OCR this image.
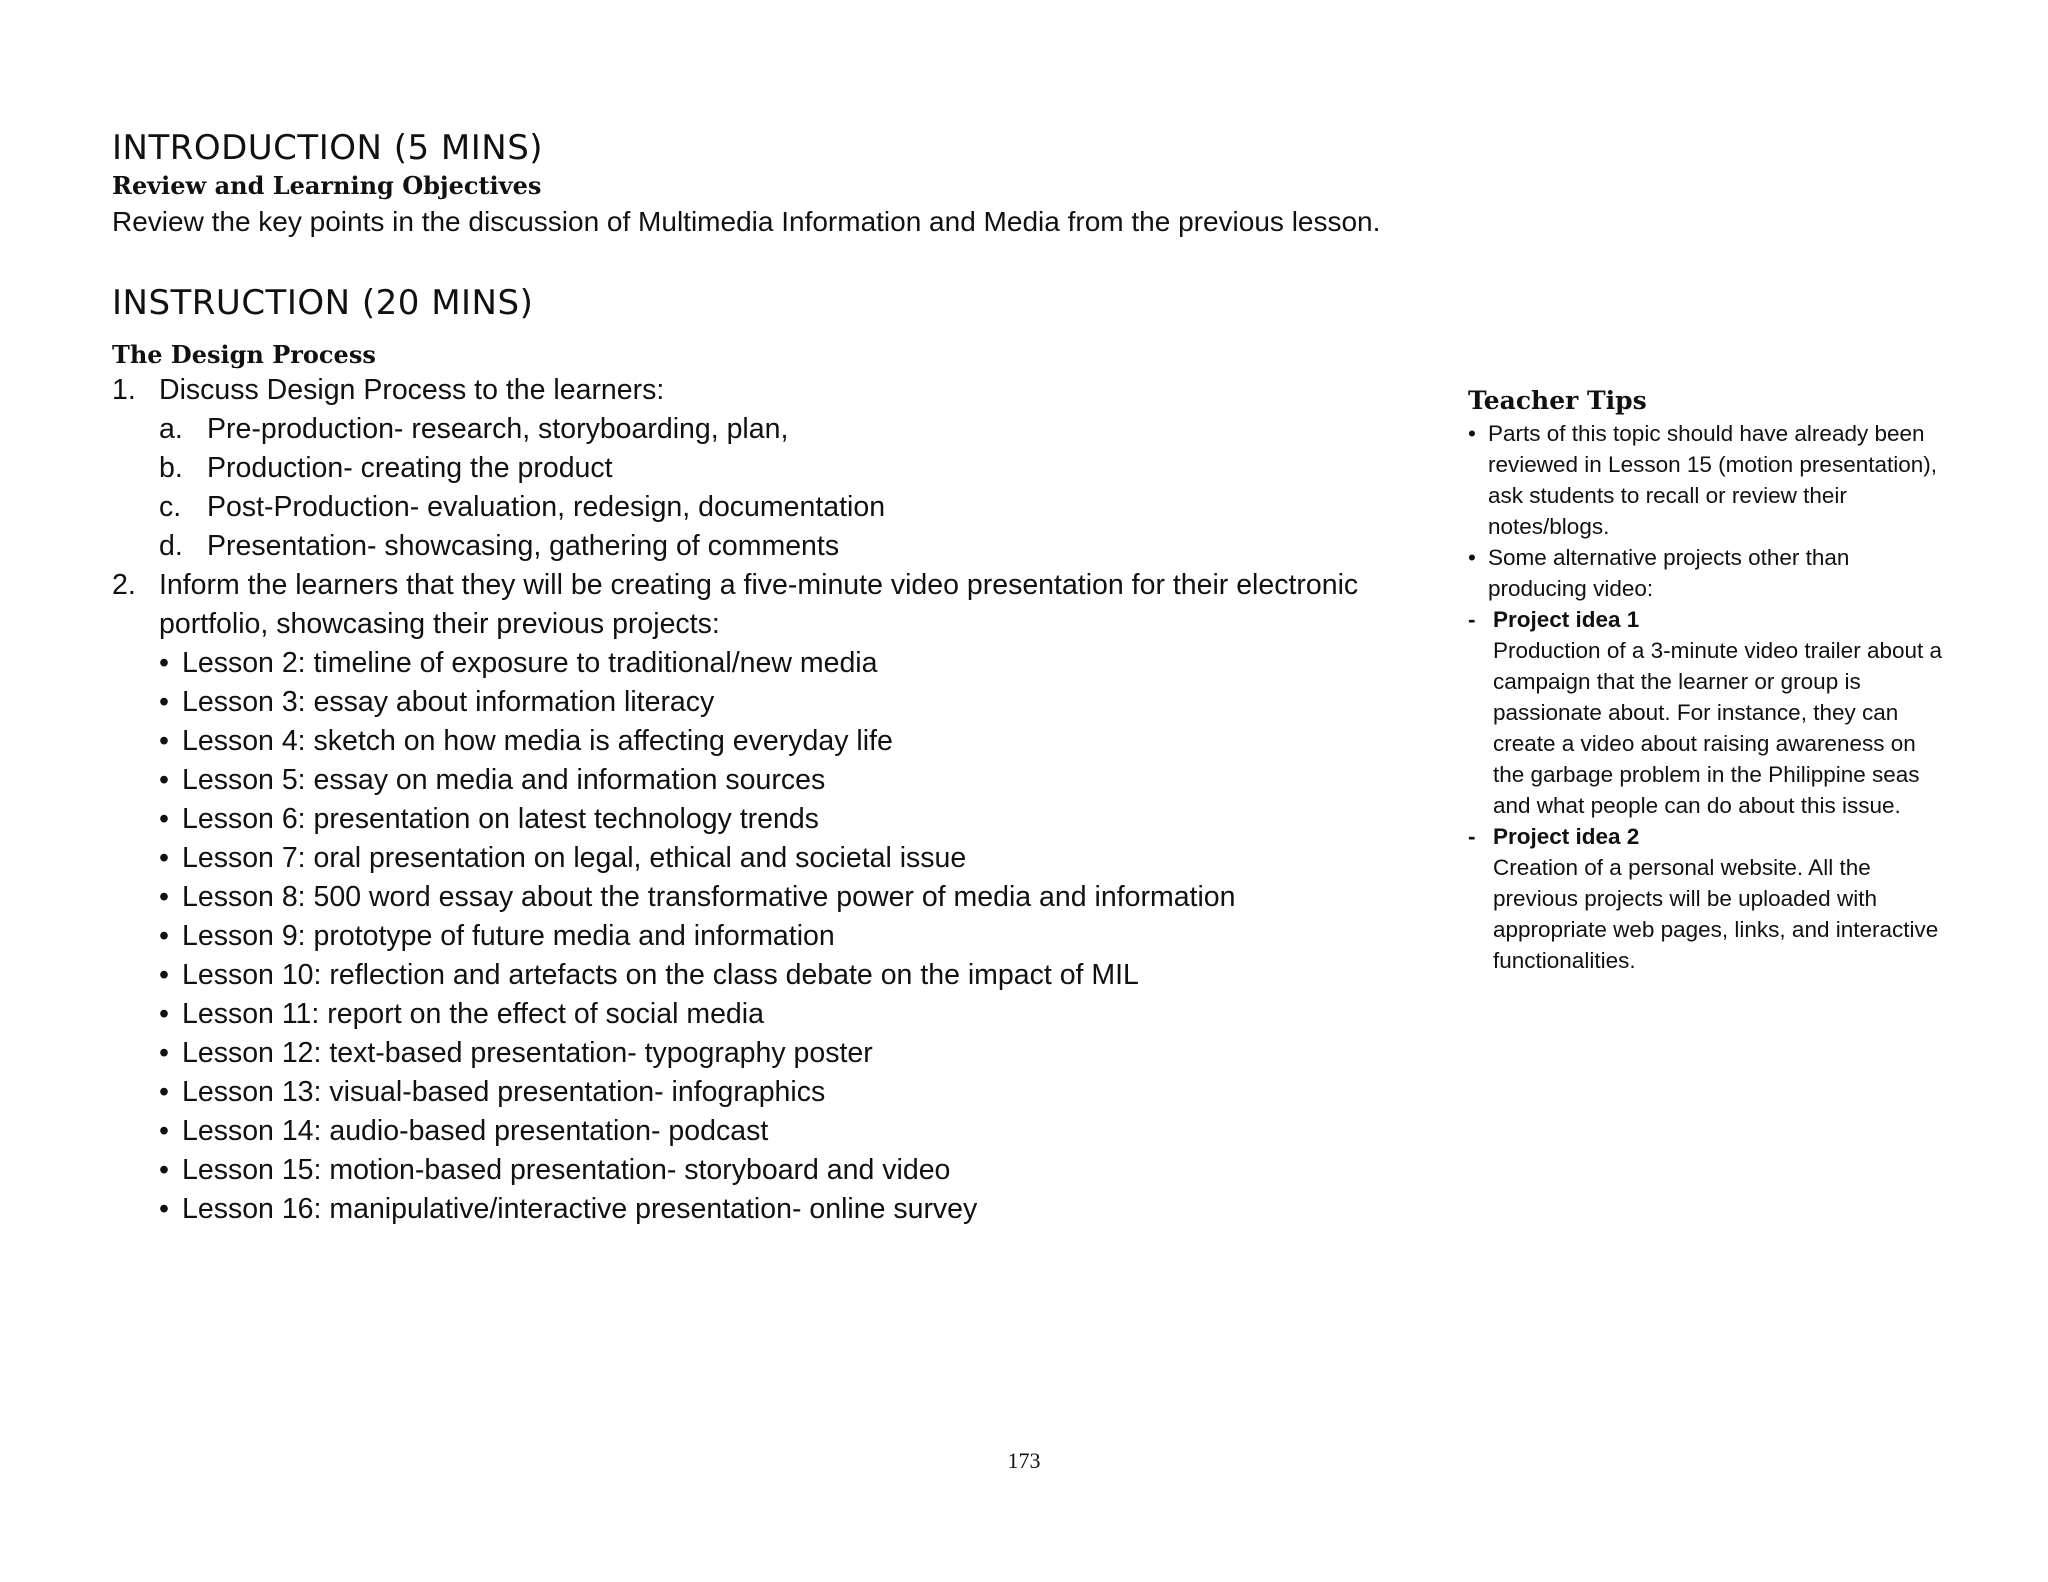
INTRODUCTION (5 MINS)
Review and Learning Objectives
Review the key points in the discussion of Multimedia Information and Media from the previous lesson.
INSTRUCTION (20 MINS)
The Design Process
1. Discuss Design Process to the learners:
a. Pre-production- research, storyboarding, plan,
b. Production- creating the product
c. Post-Production- evaluation, redesign, documentation
d. Presentation- showcasing, gathering of comments
2. Inform the learners that they will be creating a five-minute video presentation for their electronic portfolio, showcasing their previous projects:
• Lesson 2: timeline of exposure to traditional/new media
• Lesson 3: essay about information literacy
• Lesson 4: sketch on how media is affecting everyday life
• Lesson 5: essay on media and information sources
• Lesson 6: presentation on latest technology trends
• Lesson 7: oral presentation on legal, ethical and societal issue
• Lesson 8: 500 word essay about the transformative power of media and information
• Lesson 9: prototype of future media and information
• Lesson 10: reflection and artefacts on the class debate on the impact of MIL
• Lesson 11: report on the effect of social media
• Lesson 12: text-based presentation- typography poster
• Lesson 13: visual-based presentation- infographics
• Lesson 14: audio-based presentation- podcast
• Lesson 15: motion-based presentation- storyboard and video
• Lesson 16: manipulative/interactive presentation- online survey
Teacher Tips
• Parts of this topic should have already been reviewed in Lesson 15 (motion presentation), ask students to recall or review their notes/blogs.
• Some alternative projects other than producing video:
- Project idea 1
Production of a 3-minute video trailer about a campaign that the learner or group is passionate about. For instance, they can create a video about raising awareness on the garbage problem in the Philippine seas and what people can do about this issue.
- Project idea 2
Creation of a personal website. All the previous projects will be uploaded with appropriate web pages, links, and interactive functionalities.
173
